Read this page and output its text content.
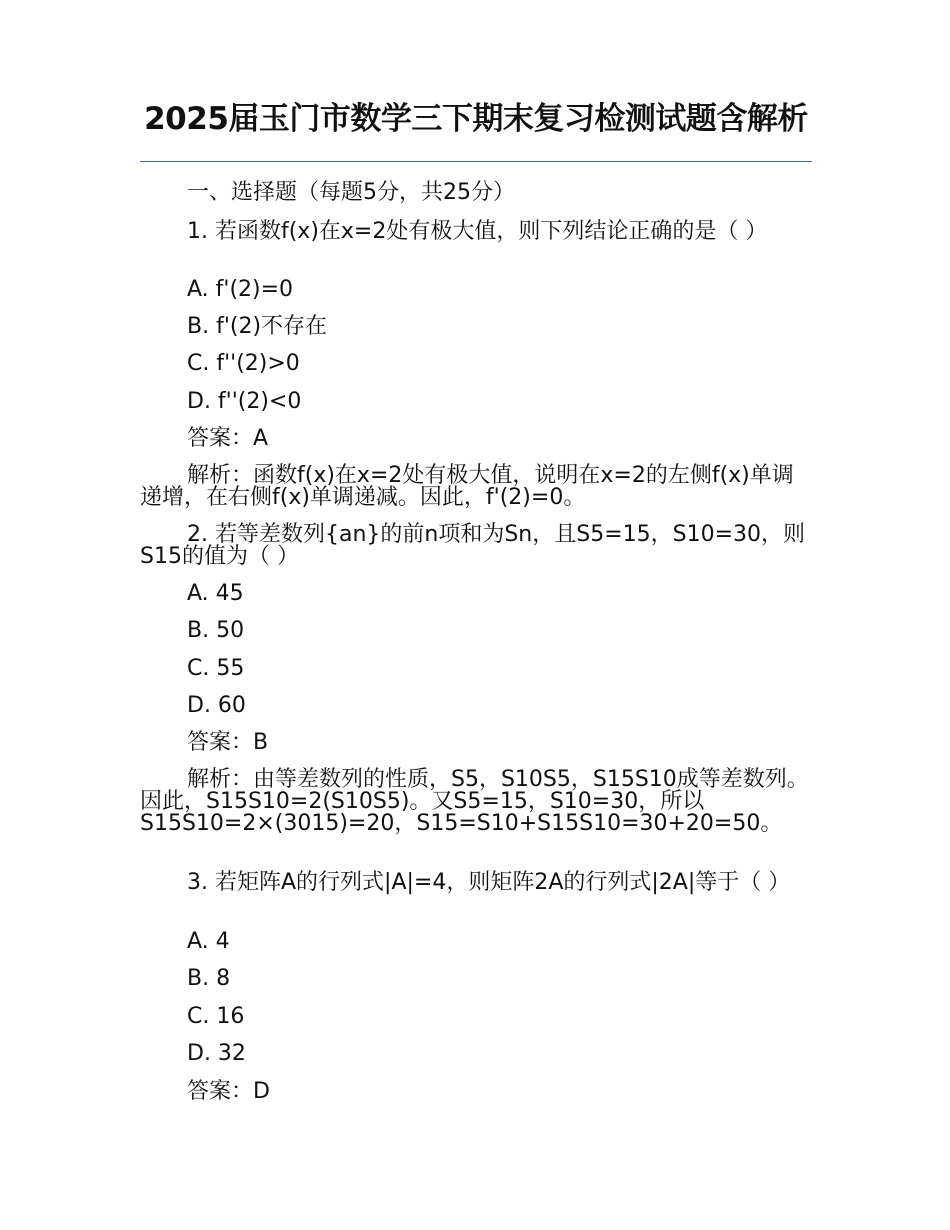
2025届玉门市数学三下期末复习检测试题含解析

一、选择题（每题5分，共25分）

1. 若函数f(x)在x=2处有极大值，则下列结论正确的是（ ）

A. f'(2)=0

B. f'(2)不存在

C. f''(2)>0

D. f''(2)<0

答案：A

解析：函数f(x)在x=2处有极大值，说明在x=2的左侧f(x)单调递增，在右侧f(x)单调递减。因此，f'(2)=0。

2. 若等差数列{an}的前n项和为Sn，且S5=15，S10=30，则S15的值为（ ）

A. 45

B. 50

C. 55

D. 60

答案：B

解析：由等差数列的性质，S5，S10S5，S15S10成等差数列。因此，S15S10=2(S10S5)。又S5=15，S10=30，所以S15S10=2×(3015)=20，S15=S10+S15S10=30+20=50。

3. 若矩阵A的行列式|A|=4，则矩阵2A的行列式|2A|等于（ ）

A. 4

B. 8

C. 16

D. 32

答案：D
